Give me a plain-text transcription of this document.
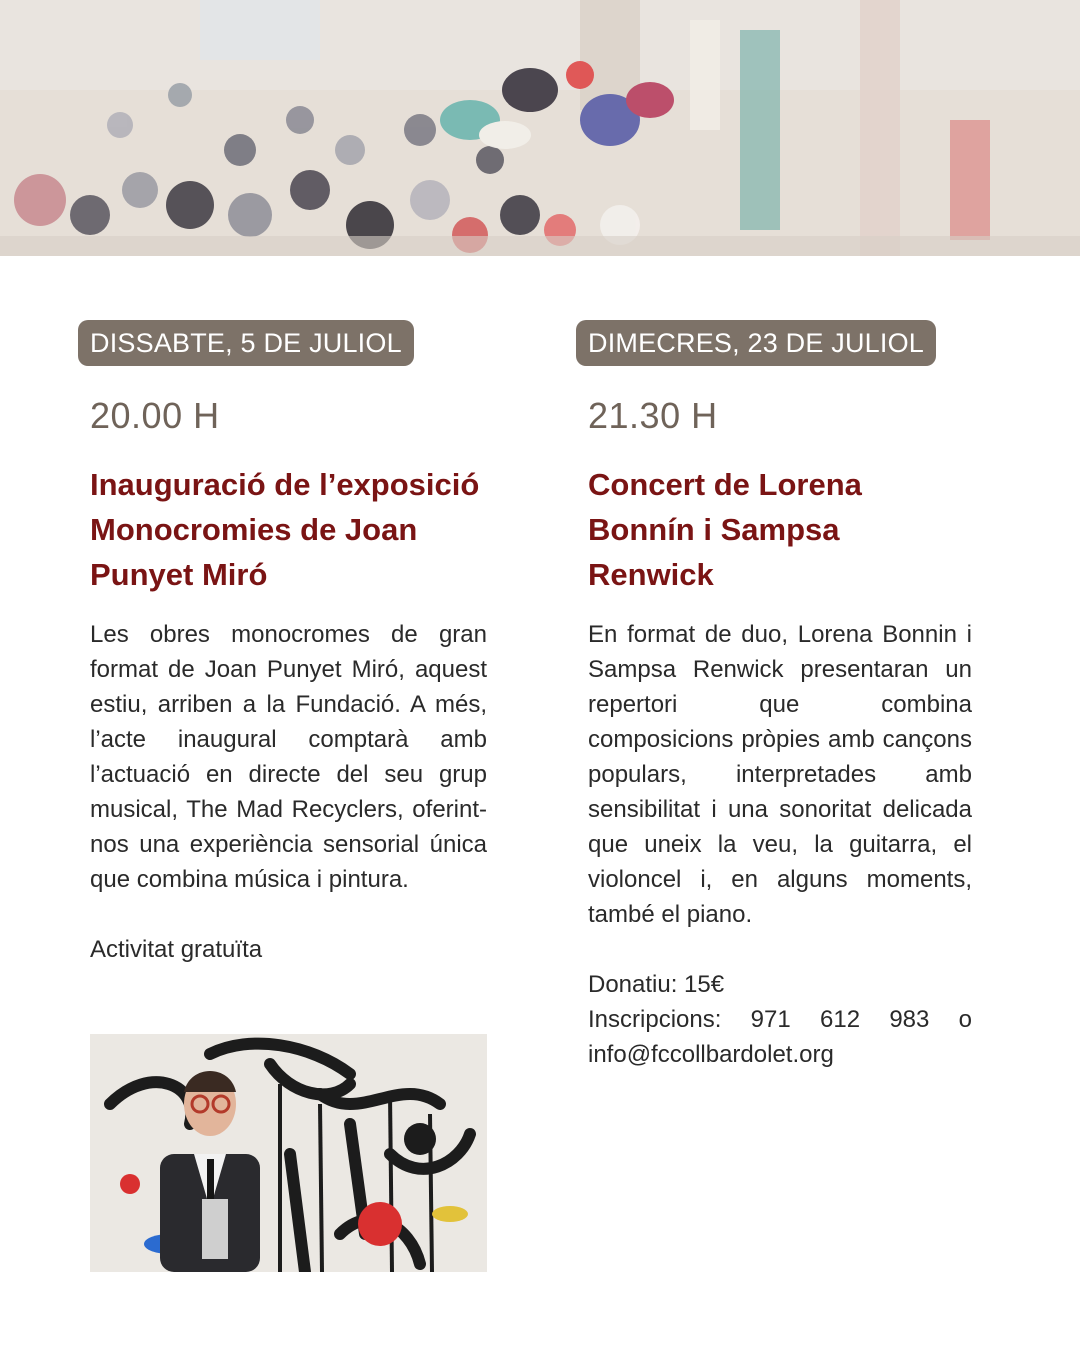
DISSABTE, 5 DE JULIOL
20.00 H
Inauguració de l’exposició Monocromies de Joan Punyet Miró

Les obres monocromes de gran format de Joan Punyet Miró, aquest estiu, arriben a la Fundació. A més, l’acte inaugural comptarà amb l’actuació en directe del seu grup musical, The Mad Recyclers, oferint-nos una experiència sensorial única que combina música i pintura.

Activitat gratuïta

DIMECRES, 23 DE JULIOL
21.30 H
Concert de Lorena Bonnín i Sampsa Renwick

En format de duo, Lorena Bonnin i Sampsa Renwick presentaran un repertori que combina composicions pròpies amb cançons populars, interpretades amb sensibilitat i una sonoritat delicada que uneix la veu, la guitarra, el violoncel i, en alguns moments, també el piano.

Donatiu: 15€

Inscripcions: 971 612 983 o info@fccollbardolet.org
